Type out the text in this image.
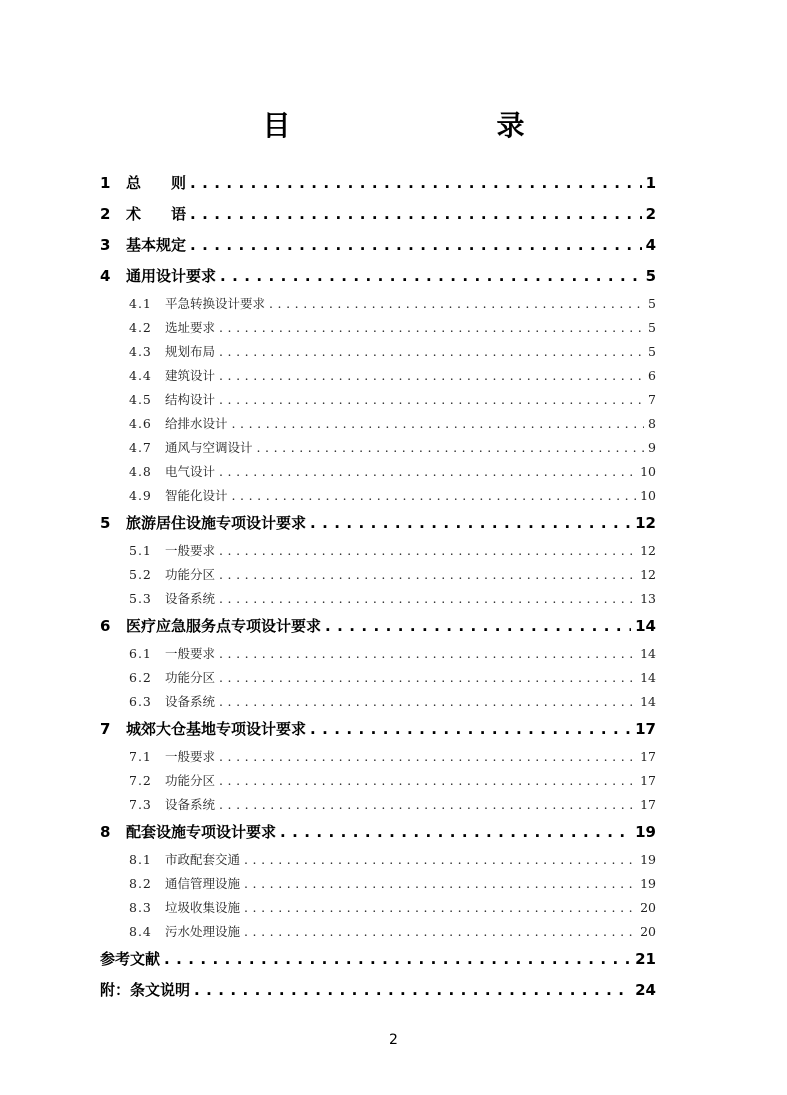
目　　录
1	总　　则 . . .	1
2	术　　语 . . .	2
3	基本规定 . . .	4
4	通用设计要求 . . .	5
4.1	平急转换设计要求 . . .	5
4.2	选址要求 . . .	5
4.3	规划布局 . . .	5
4.4	建筑设计 . . .	6
4.5	结构设计 . . .	7
4.6	给排水设计 . . .	8
4.7	通风与空调设计 . . .	9
4.8	电气设计 . . .	10
4.9	智能化设计 . . .	10
5	旅游居住设施专项设计要求 . . .	12
5.1	一般要求 . . .	12
5.2	功能分区 . . .	12
5.3	设备系统 . . .	13
6	医疗应急服务点专项设计要求 . . .	14
6.1	一般要求 . . .	14
6.2	功能分区 . . .	14
6.3	设备系统 . . .	14
7	城郊大仓基地专项设计要求 . . .	17
7.1	一般要求 . . .	17
7.2	功能分区 . . .	17
7.3	设备系统 . . .	17
8	配套设施专项设计要求 . . .	19
8.1	市政配套交通 . . .	19
8.2	通信管理设施 . . .	19
8.3	垃圾收集设施 . . .	20
8.4	污水处理设施 . . .	20
参考文献 . . .	21
附：条文说明 . . .	24
2
